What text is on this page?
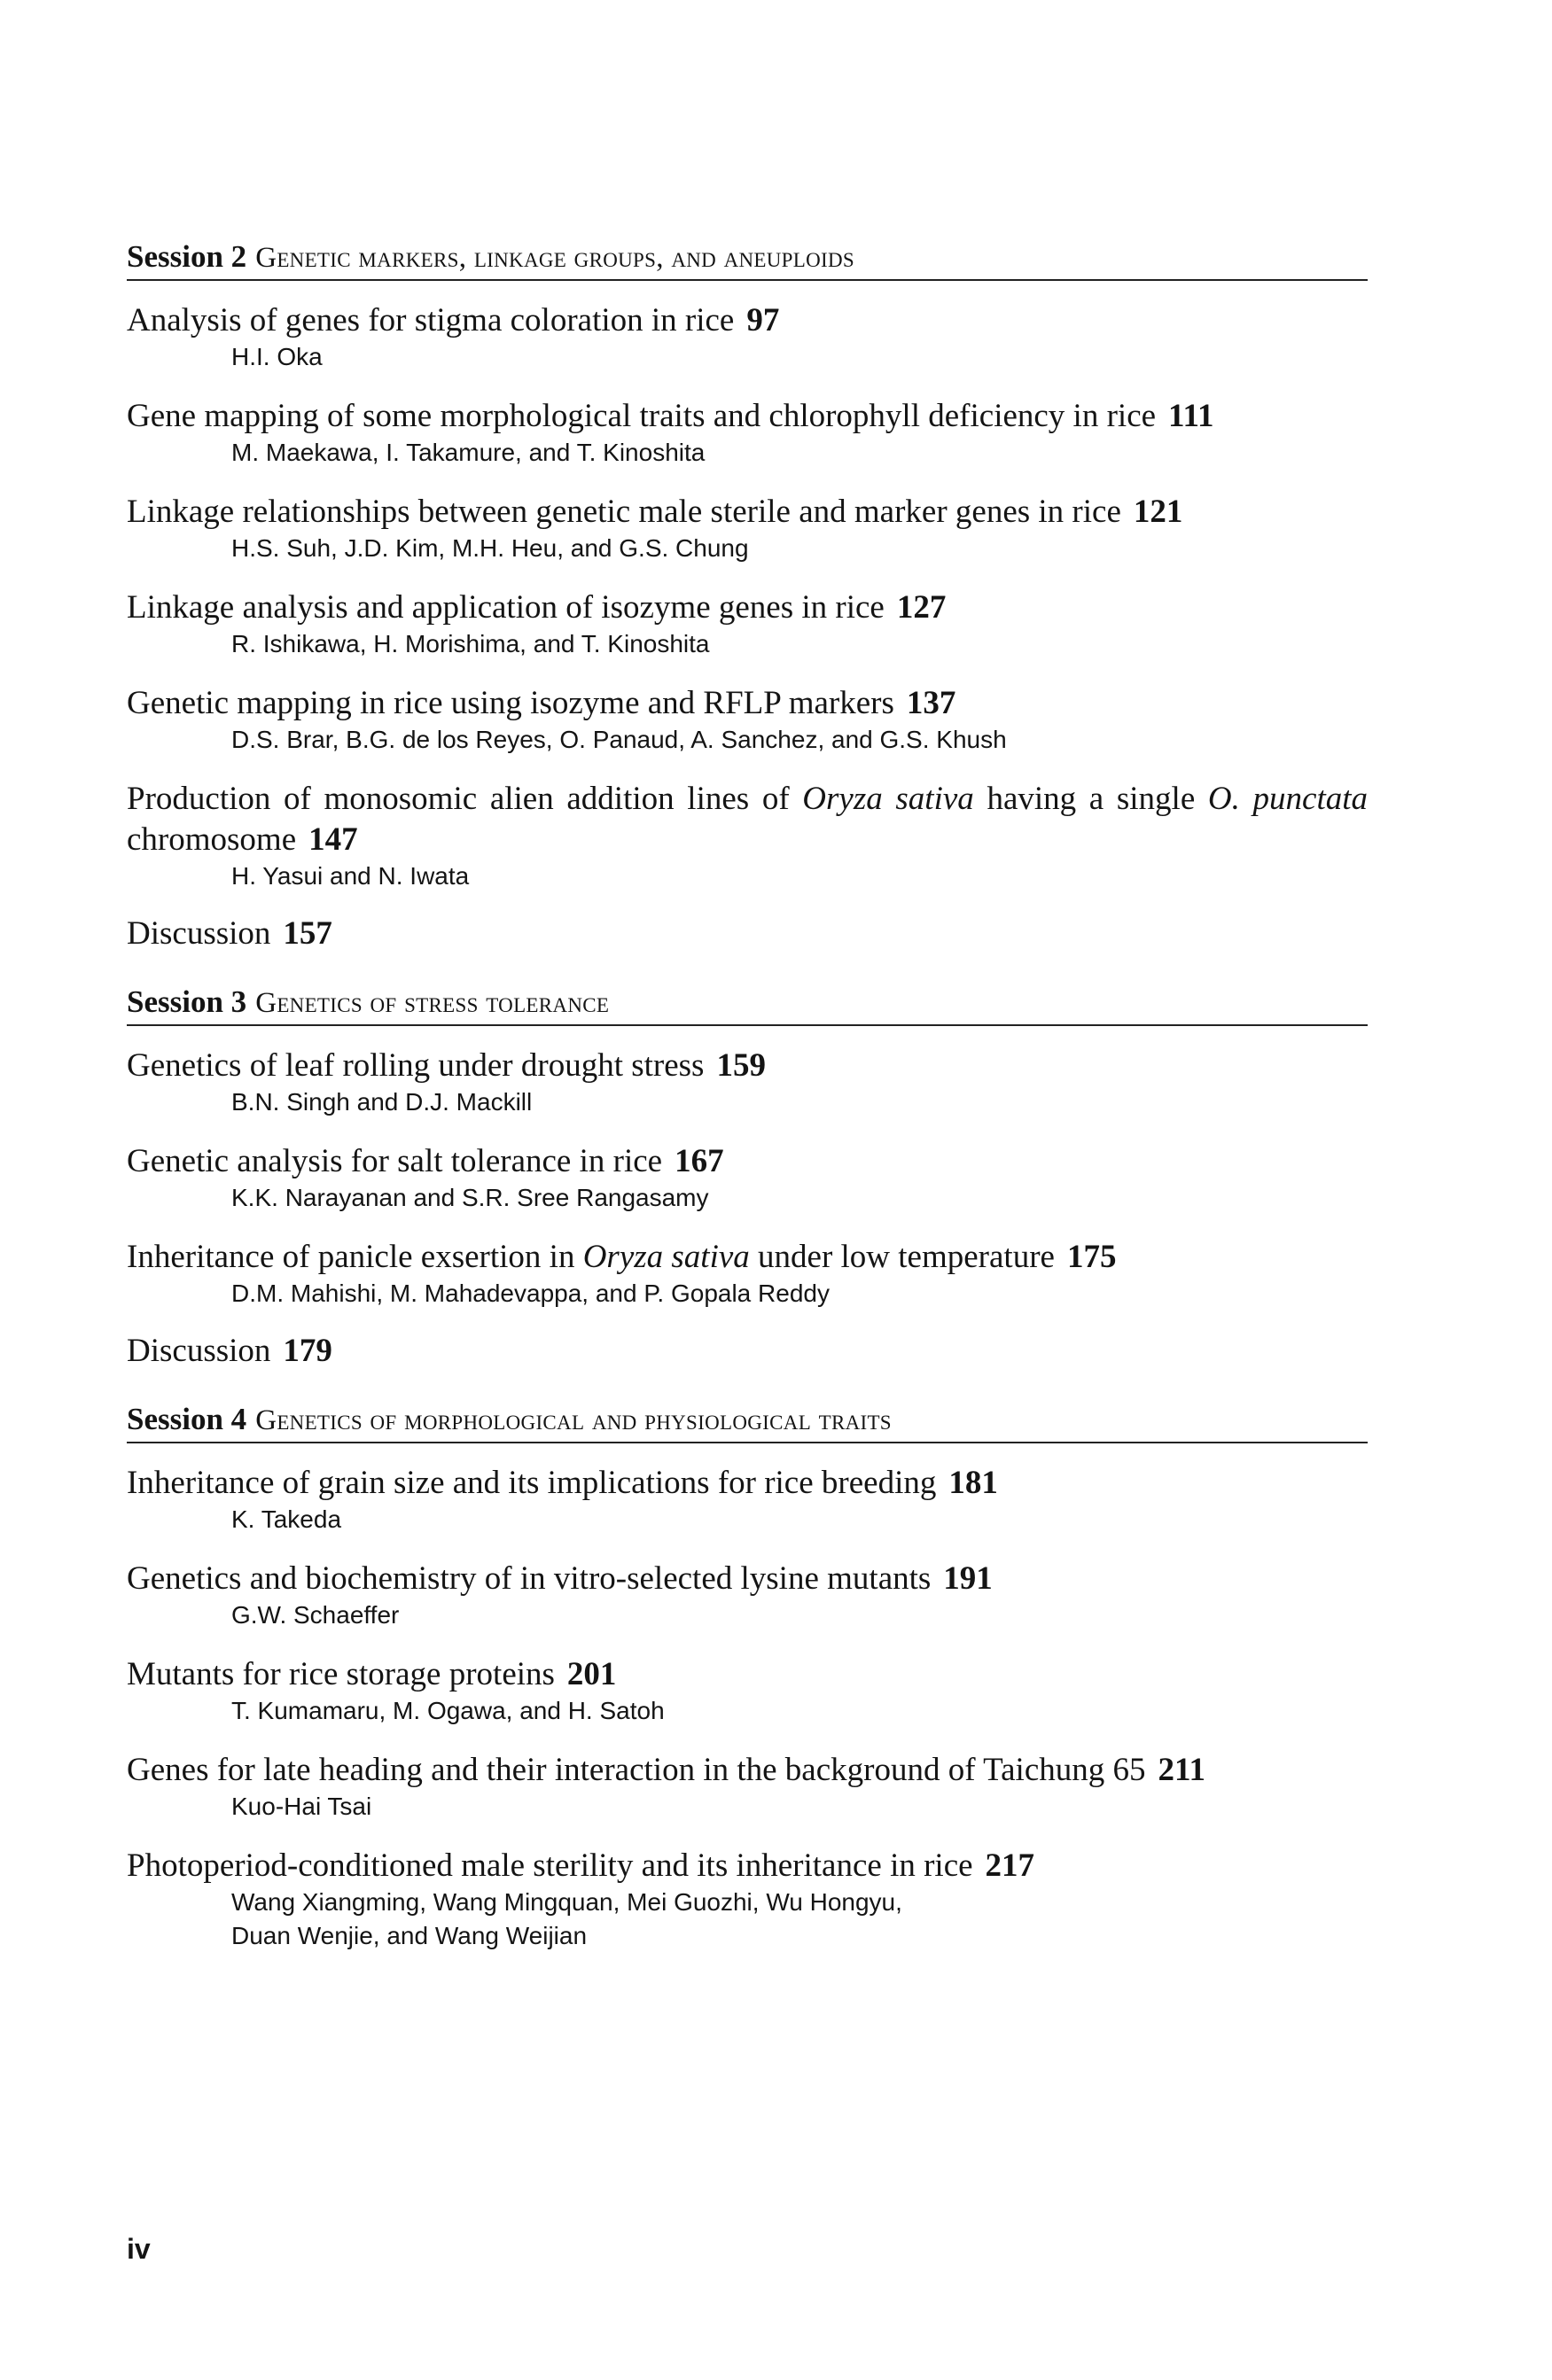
Session 2 Genetic markers, linkage groups, and aneuploids
Analysis of genes for stigma coloration in rice 97
H.I. Oka
Gene mapping of some morphological traits and chlorophyll deficiency in rice 111
M. Maekawa, I. Takamure, and T. Kinoshita
Linkage relationships between genetic male sterile and marker genes in rice 121
H.S. Suh, J.D. Kim, M.H. Heu, and G.S. Chung
Linkage analysis and application of isozyme genes in rice 127
R. Ishikawa, H. Morishima, and T. Kinoshita
Genetic mapping in rice using isozyme and RFLP markers 137
D.S. Brar, B.G. de los Reyes, O. Panaud, A. Sanchez, and G.S. Khush
Production of monosomic alien addition lines of Oryza sativa having a single O. punctata chromosome 147
H. Yasui and N. Iwata
Discussion 157
Session 3 Genetics of stress tolerance
Genetics of leaf rolling under drought stress 159
B.N. Singh and D.J. Mackill
Genetic analysis for salt tolerance in rice 167
K.K. Narayanan and S.R. Sree Rangasamy
Inheritance of panicle exsertion in Oryza sativa under low temperature 175
D.M. Mahishi, M. Mahadevappa, and P. Gopala Reddy
Discussion 179
Session 4 Genetics of morphological and physiological traits
Inheritance of grain size and its implications for rice breeding 181
K. Takeda
Genetics and biochemistry of in vitro-selected lysine mutants 191
G.W. Schaeffer
Mutants for rice storage proteins 201
T. Kumamaru, M. Ogawa, and H. Satoh
Genes for late heading and their interaction in the background of Taichung 65 211
Kuo-Hai Tsai
Photoperiod-conditioned male sterility and its inheritance in rice 217
Wang Xiangming, Wang Mingquan, Mei Guozhi, Wu Hongyu,
Duan Wenjie, and Wang Weijian
iv
